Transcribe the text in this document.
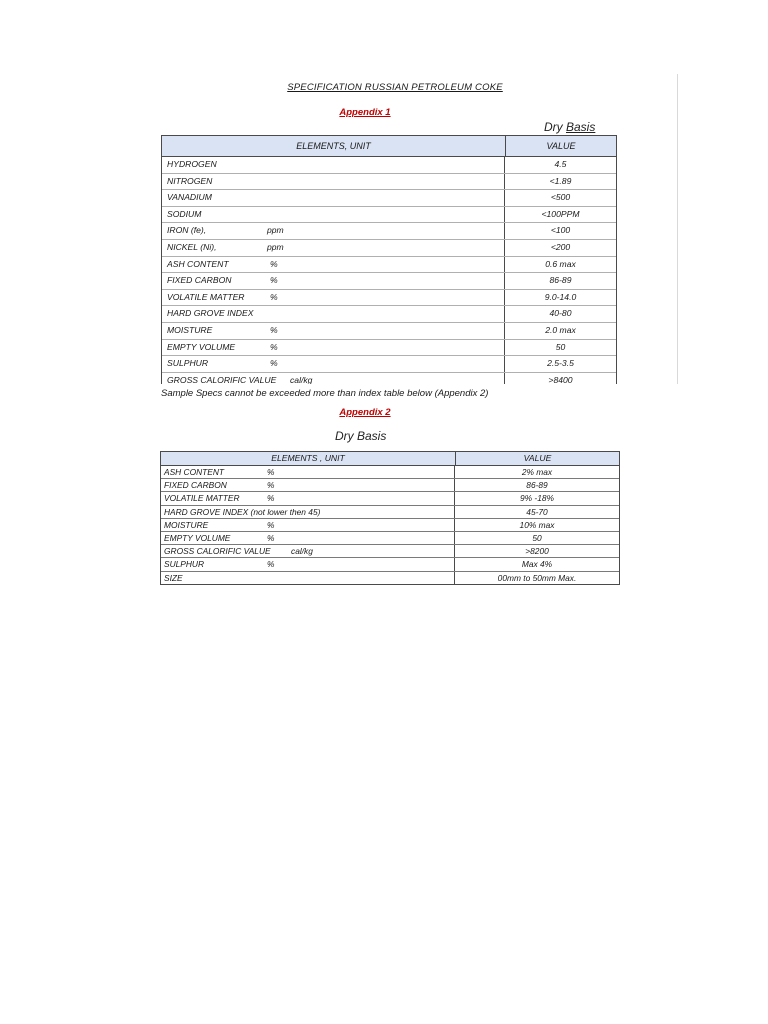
SPECIFICATION RUSSIAN PETROLEUM COKE
Appendix 1
Dry Basis
ELEMENTS, UNIT	VALUE
HYDROGEN	4.5
NITROGEN	<1.89
VANADIUM	<500
SODIUM	<100PPM
IRON (fe),	ppm	<100
NICKEL (Ni),	ppm	<200
ASH CONTENT	%	0.6 max
FIXED CARBON	%	86-89
VOLATILE MATTER	%	9.0-14.0
HARD GROVE INDEX	40-80
MOISTURE	%	2.0 max
EMPTY VOLUME	%	50
SULPHUR	%	2.5-3.5
GROSS CALORIFIC VALUE cal/kg	>8400
Sample Specs cannot be exceeded more than index table below (Appendix 2)
Appendix 2
Dry Basis
ELEMENTS , UNIT	VALUE
ASH CONTENT	%	2% max
FIXED CARBON	%	86-89
VOLATILE MATTER	%	9% -18%
HARD GROVE INDEX (not lower then 45)	45-70
MOISTURE	%	10% max
EMPTY VOLUME	%	50
GROSS CALORIFIC VALUE cal/kg	>8200
SULPHUR	%	Max 4%
SIZE	00mm to 50mm Max.
